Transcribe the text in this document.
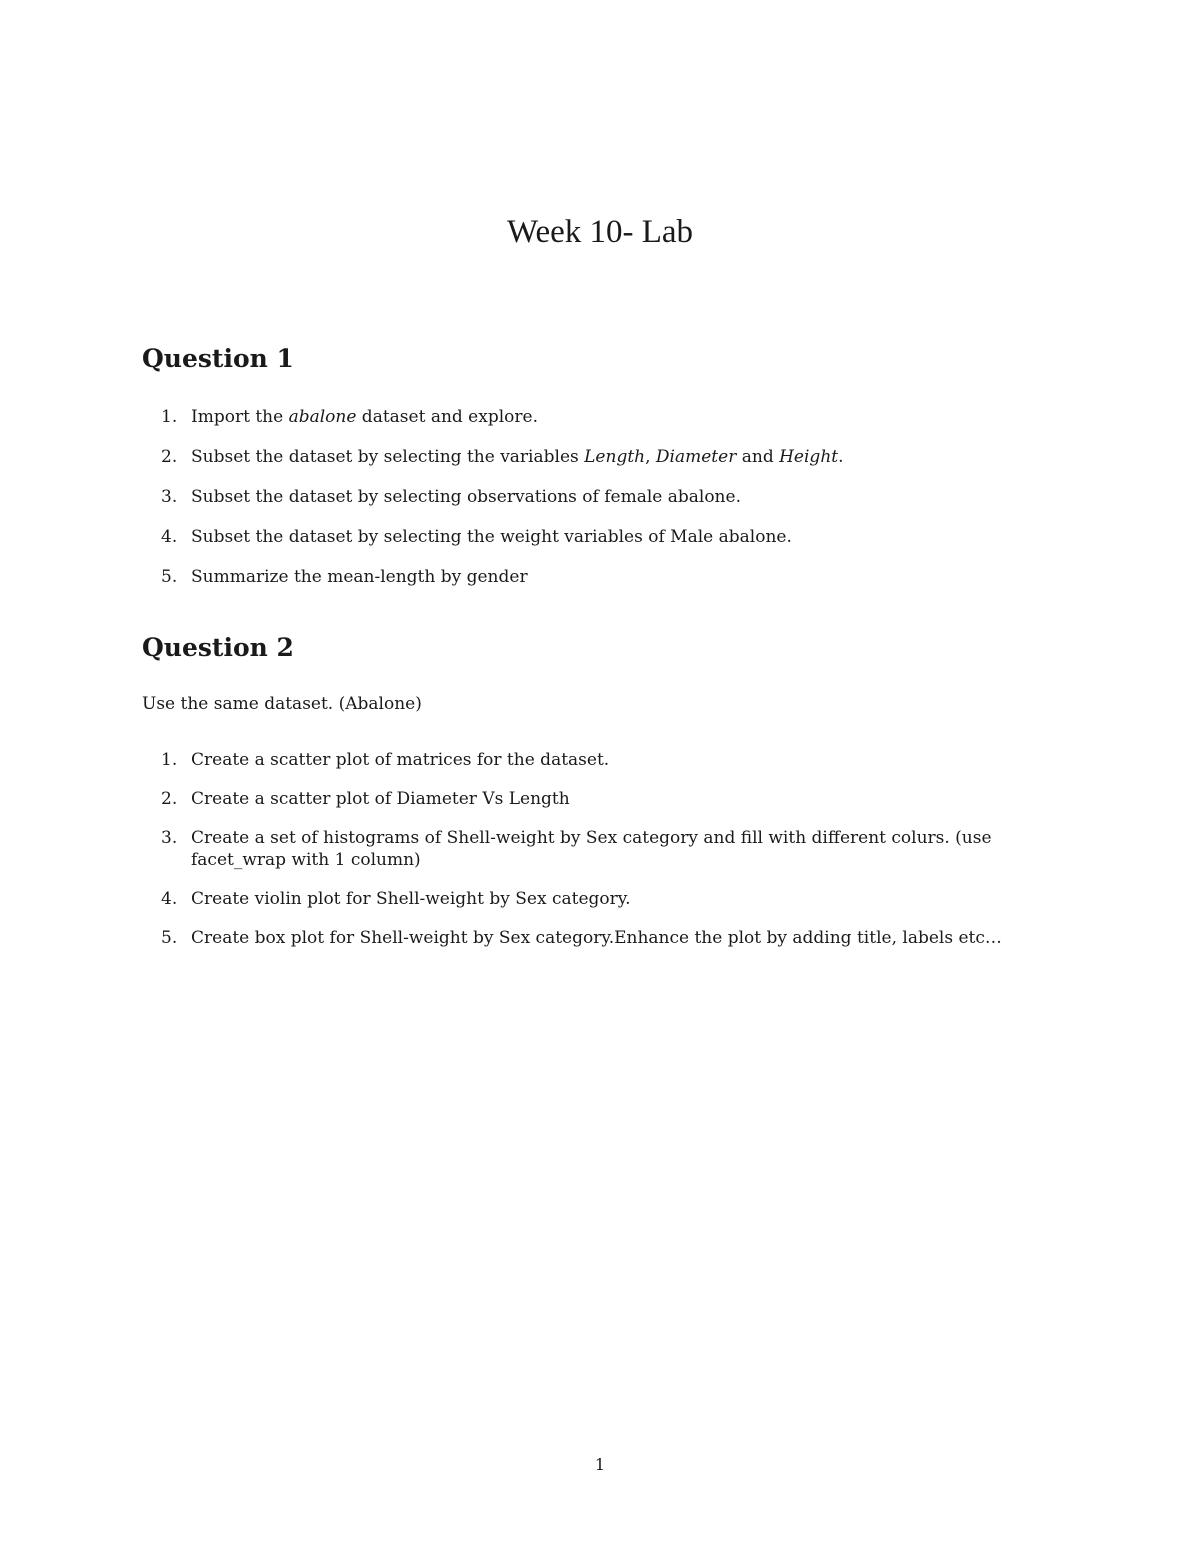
Week 10- Lab
Question 1
1. Import the abalone dataset and explore.
2. Subset the dataset by selecting the variables Length, Diameter and Height.
3. Subset the dataset by selecting observations of female abalone.
4. Subset the dataset by selecting the weight variables of Male abalone.
5. Summarize the mean-length by gender
Question 2

Use the same dataset. (Abalone)

1. Create a scatter plot of matrices for the dataset.
2. Create a scatter plot of Diameter Vs Length
3. Create a set of histograms of Shell-weight by Sex category and fill with different colurs. (use facet_wrap with 1 column)
4. Create violin plot for Shell-weight by Sex category.
5. Create box plot for Shell-weight by Sex category.Enhance the plot by adding title, labels etc…
1
